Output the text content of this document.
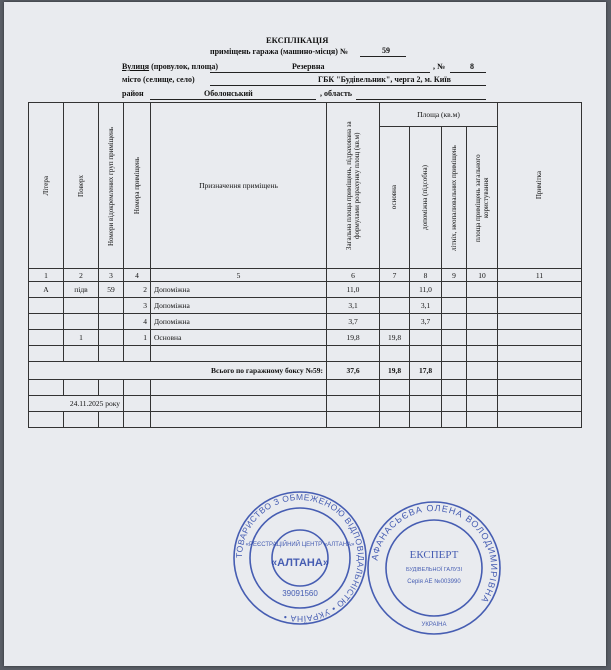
ЕКСПЛІКАЦІЯ
приміщень гаража (машино-місця) №	59
Вулиця (провулок, площа)	Резервна	, №	8
місто (селище, село)	ГБК "Будівельник", черга 2, м. Київ
район	Оболонський	, область
Літера	Поверх	Номери відокремлених груп приміщень	Номера приміщень	Призначення приміщень	Загальна площа приміщень, підрахована за формулами розрахунку площ (кв.м)	Площа (кв.м)				Примітка

						основна	допоміжна (підсобна)	літніх, неопалювальних приміщень	площа приміщень загального користування	

1	2	3	4	5	6	7	8	9	10	11
А	підв	59	2	Допоміжна	11,0		11,0			
			3	Допоміжна	3,1		3,1			
			4	Допоміжна	3,7		3,7			
	1		1	Основна	19,8	19,8				

Всього по гаражному боксу №59:					37,6	19,8	17,8			

24.11.2025 року										

ТОВАРИСТВО З ОБМЕЖЕНОЮ ВІДПОВІДАЛЬНІСТЮ • УКРАЇНА •
«РЕЄСТРАЦІЙНИЙ ЦЕНТР «АЛТАНА»
«АЛТАНА»
39091560
АФАНАСЬЄВА ОЛЕНА ВОЛОДИМИРІВНА
ЕКСПЕРТ
БУДІВЕЛЬНОЇ ГАЛУЗІ
Серія АЕ №003990
УКРАЇНА
